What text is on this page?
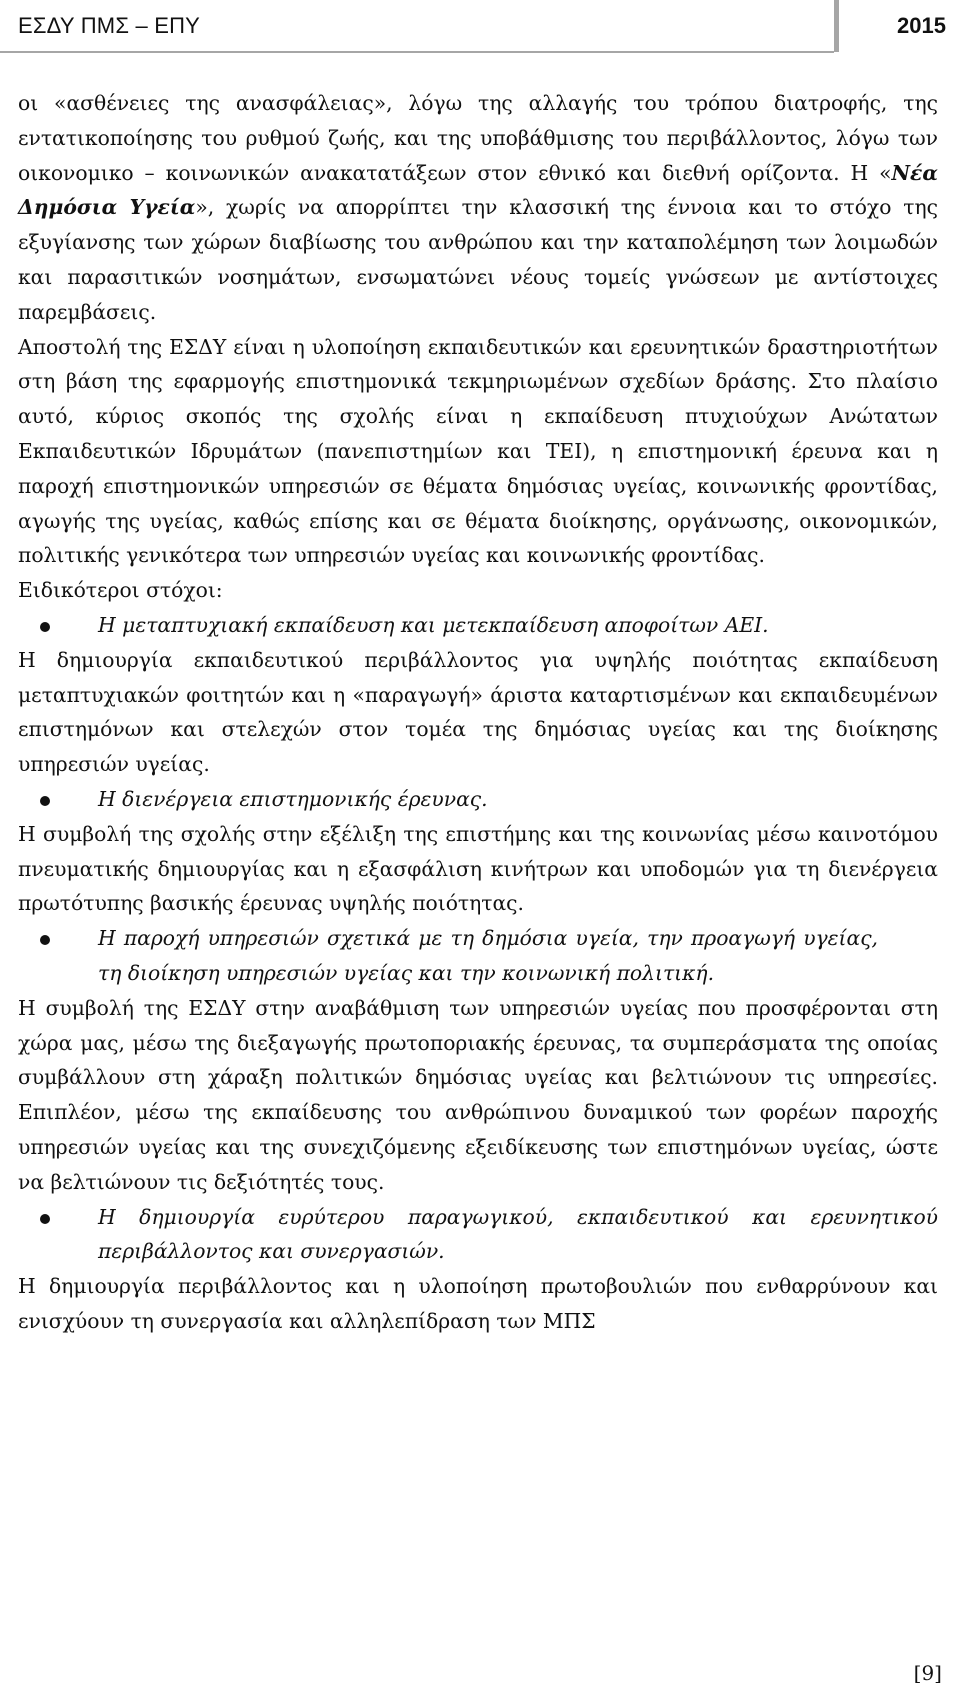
ΕΣΔΥ ΠΜΣ – ΕΠΥ	2015

οι «ασθένειες της ανασφάλειας», λόγω της αλλαγής του τρόπου διατροφής, της εντατικοποίησης του ρυθμού ζωής, και της υποβάθμισης του περιβάλλοντος, λόγω των οικονομικο – κοινωνικών ανακατατάξεων στον εθνικό και διεθνή ορίζοντα. Η «Νέα Δημόσια Υγεία», χωρίς να απορρίπτει την κλασσική της έννοια και το στόχο της εξυγίανσης των χώρων διαβίωσης του ανθρώπου και την καταπολέμηση των λοιμωδών και παρασιτικών νοσημάτων, ενσωματώνει νέους τομείς γνώσεων με αντίστοιχες παρεμβάσεις.

Αποστολή της ΕΣΔΥ είναι η υλοποίηση εκπαιδευτικών και ερευνητικών δραστηριοτήτων στη βάση της εφαρμογής επιστημονικά τεκμηριωμένων σχεδίων δράσης. Στο πλαίσιο αυτό, κύριος σκοπός της σχολής είναι η εκπαίδευση πτυχιούχων Ανώτατων Εκπαιδευτικών Ιδρυμάτων (πανεπιστημίων και ΤΕΙ), η επιστημονική έρευνα και η παροχή επιστημονικών υπηρεσιών σε θέματα δημόσιας υγείας, κοινωνικής φροντίδας, αγωγής της υγείας, καθώς επίσης και σε θέματα διοίκησης, οργάνωσης, οικονομικών, πολιτικής γενικότερα των υπηρεσιών υγείας και κοινωνικής φροντίδας.

Ειδικότεροι στόχοι:

Η μεταπτυχιακή εκπαίδευση και μετεκπαίδευση αποφοίτων ΑΕΙ.

Η δημιουργία εκπαιδευτικού περιβάλλοντος για υψηλής ποιότητας εκπαίδευση μεταπτυχιακών φοιτητών και η «παραγωγή» άριστα καταρτισμένων και εκπαιδευμένων επιστημόνων και στελεχών στον τομέα της δημόσιας υγείας και της διοίκησης υπηρεσιών υγείας.

Η διενέργεια επιστημονικής έρευνας.

Η συμβολή της σχολής στην εξέλιξη της επιστήμης και της κοινωνίας μέσω καινοτόμου πνευματικής δημιουργίας και η εξασφάλιση κινήτρων και υποδομών για τη διενέργεια πρωτότυπης βασικής έρευνας υψηλής ποιότητας.

Η παροχή υπηρεσιών σχετικά με τη δημόσια υγεία, την προαγωγή υγείας, τη διοίκηση υπηρεσιών υγείας και την κοινωνική πολιτική.

Η συμβολή της ΕΣΔΥ στην αναβάθμιση των υπηρεσιών υγείας που προσφέρονται στη χώρα μας, μέσω της διεξαγωγής πρωτοποριακής έρευνας, τα συμπεράσματα της οποίας συμβάλλουν στη χάραξη πολιτικών δημόσιας υγείας και βελτιώνουν τις υπηρεσίες. Επιπλέον, μέσω της εκπαίδευσης του ανθρώπινου δυναμικού των φορέων παροχής υπηρεσιών υγείας και της συνεχιζόμενης εξειδίκευσης των επιστημόνων υγείας, ώστε να βελτιώνουν τις δεξιότητές τους.

Η δημιουργία ευρύτερου παραγωγικού, εκπαιδευτικού και ερευνητικού περιβάλλοντος και συνεργασιών.

Η δημιουργία περιβάλλοντος και η υλοποίηση πρωτοβουλιών που ενθαρρύνουν και ενισχύουν τη συνεργασία και αλληλεπίδραση των ΜΠΣ

[9]
